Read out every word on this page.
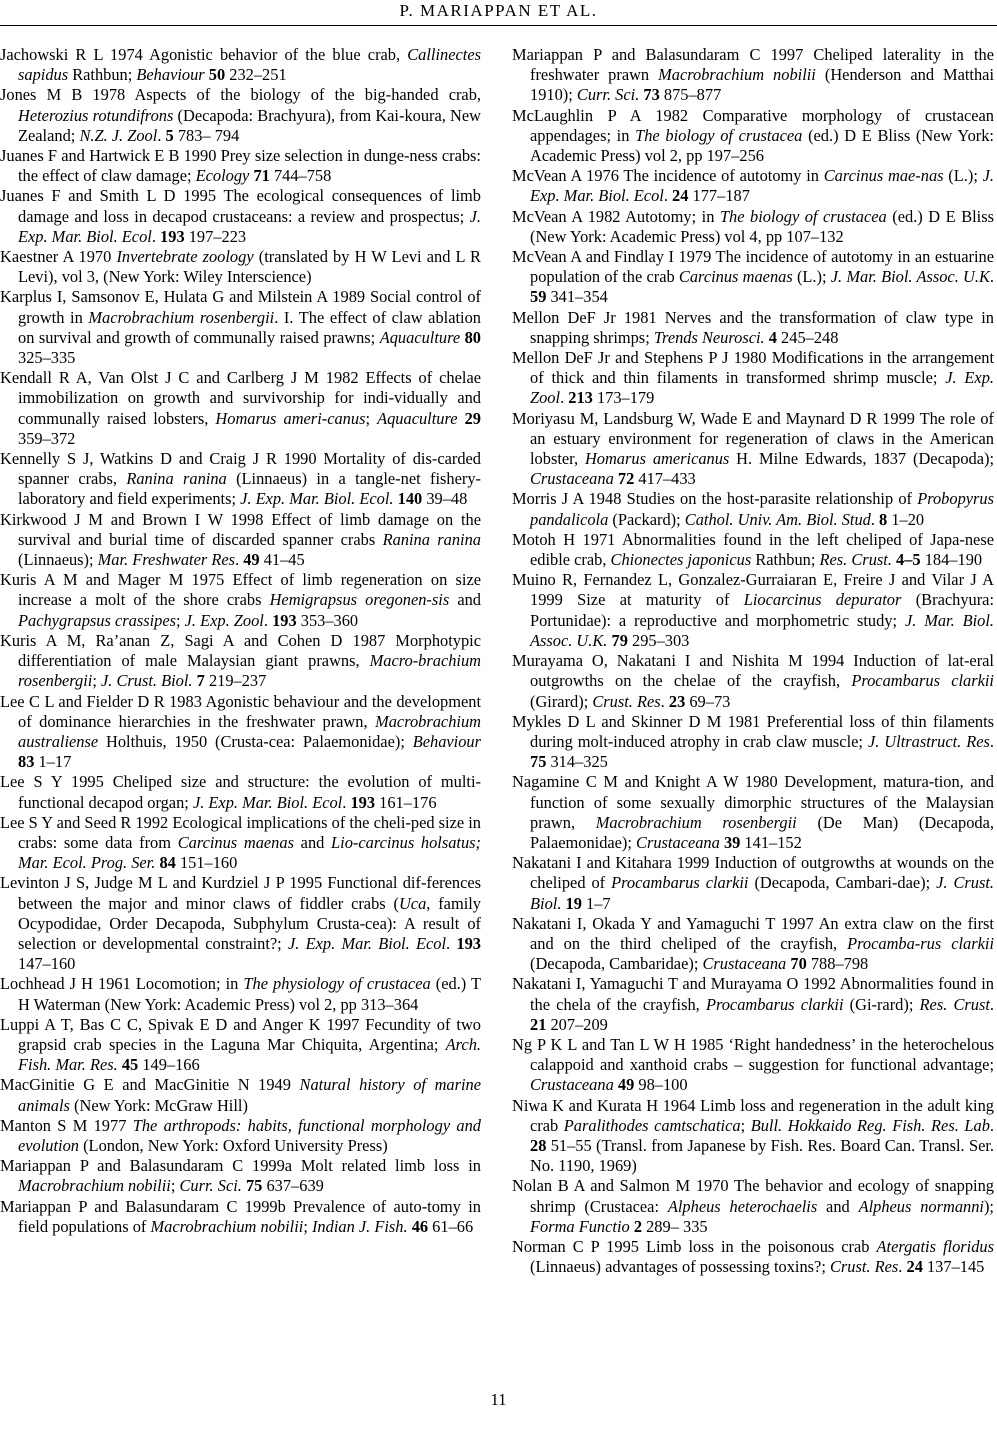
P. MARIAPPAN ET AL.

Jachowski R L 1974 Agonistic behavior of the blue crab, Callinectes sapidus Rathbun; Behaviour 50 232–251

Jones M B 1978 Aspects of the biology of the big-handed crab, Heterozius rotundifrons (Decapoda: Brachyura), from Kai-koura, New Zealand; N.Z. J. Zool. 5 783– 794

Juanes F and Hartwick E B 1990 Prey size selection in dunge-ness crabs: the effect of claw damage; Ecology 71 744–758

Juanes F and Smith L D 1995 The ecological consequences of limb damage and loss in decapod crustaceans: a review and prospectus; J. Exp. Mar. Biol. Ecol. 193 197–223

Kaestner A 1970 Invertebrate zoology (translated by H W Levi and L R Levi), vol 3, (New York: Wiley Interscience)

Karplus I, Samsonov E, Hulata G and Milstein A 1989 Social control of growth in Macrobrachium rosenbergii. I. The effect of claw ablation on survival and growth of communally raised prawns; Aquaculture 80 325–335

Kendall R A, Van Olst J C and Carlberg J M 1982 Effects of chelae immobilization on growth and survivorship for indi-vidually and communally raised lobsters, Homarus ameri-canus; Aquaculture 29 359–372

Kennelly S J, Watkins D and Craig J R 1990 Mortality of dis-carded spanner crabs, Ranina ranina (Linnaeus) in a tangle-net fishery-laboratory and field experiments; J. Exp. Mar. Biol. Ecol. 140 39–48

Kirkwood J M and Brown I W 1998 Effect of limb damage on the survival and burial time of discarded spanner crabs Ranina ranina (Linnaeus); Mar. Freshwater Res. 49 41–45

Kuris A M and Mager M 1975 Effect of limb regeneration on size increase a molt of the shore crabs Hemigrapsus oregonen-sis and Pachygrapsus crassipes; J. Exp. Zool. 193 353–360

Kuris A M, Ra’anan Z, Sagi A and Cohen D 1987 Morphotypic differentiation of male Malaysian giant prawns, Macro-brachium rosenbergii; J. Crust. Biol. 7 219–237

Lee C L and Fielder D R 1983 Agonistic behaviour and the development of dominance hierarchies in the freshwater prawn, Macrobrachium australiense Holthuis, 1950 (Crusta-cea: Palaemonidae); Behaviour 83 1–17

Lee S Y 1995 Cheliped size and structure: the evolution of multi-functional decapod organ; J. Exp. Mar. Biol. Ecol. 193 161–176

Lee S Y and Seed R 1992 Ecological implications of the cheli-ped size in crabs: some data from Carcinus maenas and Lio-carcinus holsatus; Mar. Ecol. Prog. Ser. 84 151–160

Levinton J S, Judge M L and Kurdziel J P 1995 Functional dif-ferences between the major and minor claws of fiddler crabs (Uca, family Ocypodidae, Order Decapoda, Subphylum Crusta-cea): A result of selection or developmental constraint?; J. Exp. Mar. Biol. Ecol. 193 147–160

Lochhead J H 1961 Locomotion; in The physiology of crustacea (ed.) T H Waterman (New York: Academic Press) vol 2, pp 313–364

Luppi A T, Bas C C, Spivak E D and Anger K 1997 Fecundity of two grapsid crab species in the Laguna Mar Chiquita, Argentina; Arch. Fish. Mar. Res. 45 149–166

MacGinitie G E and MacGinitie N 1949 Natural history of marine animals (New York: McGraw Hill)

Manton S M 1977 The arthropods: habits, functional morphology and evolution (London, New York: Oxford University Press)

Mariappan P and Balasundaram C 1999a Molt related limb loss in Macrobrachium nobilii; Curr. Sci. 75 637–639

Mariappan P and Balasundaram C 1999b Prevalence of auto-tomy in field populations of Macrobrachium nobilii; Indian J. Fish. 46 61–66

Mariappan P and Balasundaram C 1997 Cheliped laterality in the freshwater prawn Macrobrachium nobilii (Henderson and Matthai 1910); Curr. Sci. 73 875–877

McLaughlin P A 1982 Comparative morphology of crustacean appendages; in The biology of crustacea (ed.) D E Bliss (New York: Academic Press) vol 2, pp 197–256

McVean A 1976 The incidence of autotomy in Carcinus mae-nas (L.); J. Exp. Mar. Biol. Ecol. 24 177–187

McVean A 1982 Autotomy; in The biology of crustacea (ed.) D E Bliss (New York: Academic Press) vol 4, pp 107–132

McVean A and Findlay I 1979 The incidence of autotomy in an estuarine population of the crab Carcinus maenas (L.); J. Mar. Biol. Assoc. U.K. 59 341–354

Mellon DeF Jr 1981 Nerves and the transformation of claw type in snapping shrimps; Trends Neurosci. 4 245–248

Mellon DeF Jr and Stephens P J 1980 Modifications in the arrangement of thick and thin filaments in transformed shrimp muscle; J. Exp. Zool. 213 173–179

Moriyasu M, Landsburg W, Wade E and Maynard D R 1999 The role of an estuary environment for regeneration of claws in the American lobster, Homarus americanus H. Milne Edwards, 1837 (Decapoda); Crustaceana 72 417–433

Morris J A 1948 Studies on the host-parasite relationship of Probopyrus pandalicola (Packard); Cathol. Univ. Am. Biol. Stud. 8 1–20

Motoh H 1971 Abnormalities found in the left cheliped of Japa-nese edible crab, Chionectes japonicus Rathbun; Res. Crust. 4–5 184–190

Muino R, Fernandez L, Gonzalez-Gurraiaran E, Freire J and Vilar J A 1999 Size at maturity of Liocarcinus depurator (Brachyura: Portunidae): a reproductive and morphometric study; J. Mar. Biol. Assoc. U.K. 79 295–303

Murayama O, Nakatani I and Nishita M 1994 Induction of lat-eral outgrowths on the chelae of the crayfish, Procambarus clarkii (Girard); Crust. Res. 23 69–73

Mykles D L and Skinner D M 1981 Preferential loss of thin filaments during molt-induced atrophy in crab claw muscle; J. Ultrastruct. Res. 75 314–325

Nagamine C M and Knight A W 1980 Development, matura-tion, and function of some sexually dimorphic structures of the Malaysian prawn, Macrobrachium rosenbergii (De Man) (Decapoda, Palaemonidae); Crustaceana 39 141–152

Nakatani I and Kitahara 1999 Induction of outgrowths at wounds on the cheliped of Procambarus clarkii (Decapoda, Cambari-dae); J. Crust. Biol. 19 1–7

Nakatani I, Okada Y and Yamaguchi T 1997 An extra claw on the first and on the third cheliped of the crayfish, Procamba-rus clarkii (Decapoda, Cambaridae); Crustaceana 70 788–798

Nakatani I, Yamaguchi T and Murayama O 1992 Abnormalities found in the chela of the crayfish, Procambarus clarkii (Gi-rard); Res. Crust. 21 207–209

Ng P K L and Tan L W H 1985 ‘Right handedness’ in the heterochelous calappoid and xanthoid crabs – suggestion for functional advantage; Crustaceana 49 98–100

Niwa K and Kurata H 1964 Limb loss and regeneration in the adult king crab Paralithodes camtschatica; Bull. Hokkaido Reg. Fish. Res. Lab. 28 51–55 (Transl. from Japanese by Fish. Res. Board Can. Transl. Ser. No. 1190, 1969)

Nolan B A and Salmon M 1970 The behavior and ecology of snapping shrimp (Crustacea: Alpheus heterochaelis and Alpheus normanni); Forma Functio 2 289– 335

Norman C P 1995 Limb loss in the poisonous crab Atergatis floridus (Linnaeus) advantages of possessing toxins?; Crust. Res. 24 137–145

11
